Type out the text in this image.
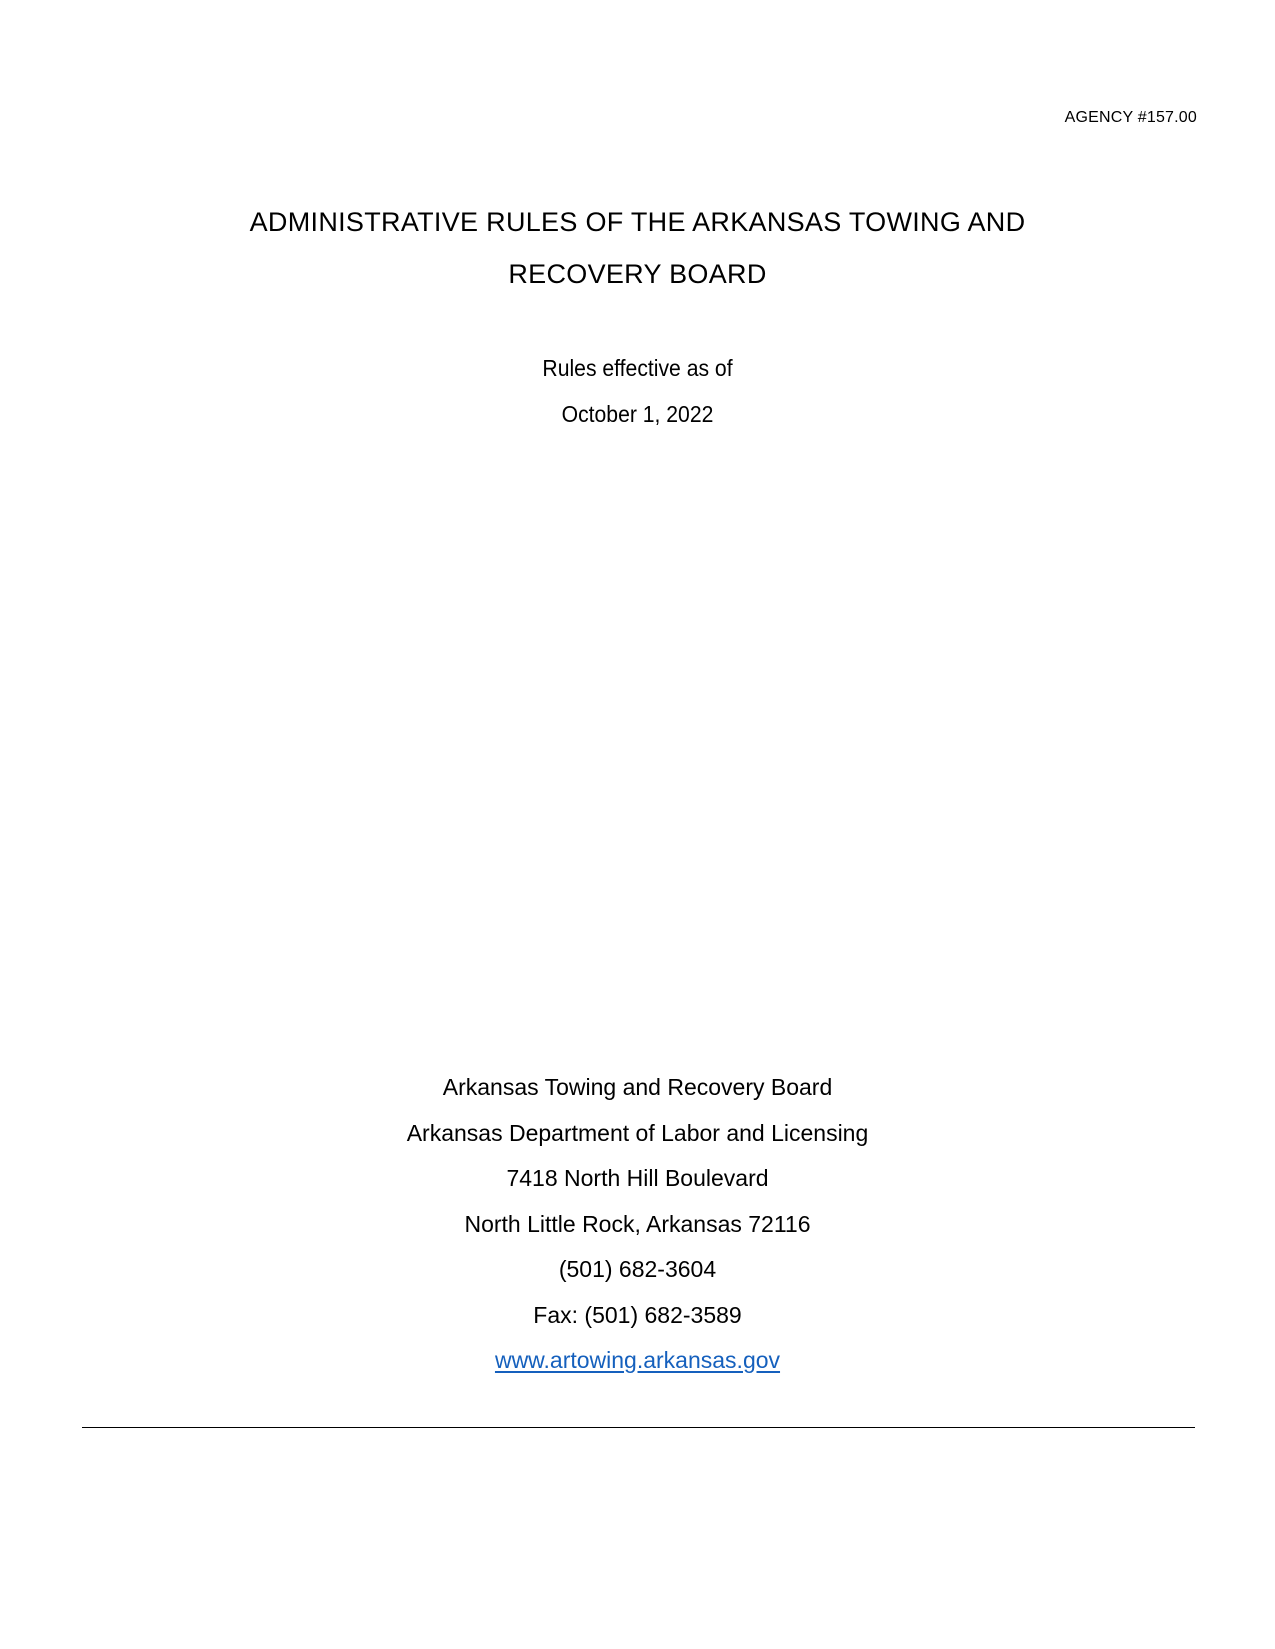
AGENCY #157.00
ADMINISTRATIVE RULES OF THE ARKANSAS TOWING AND
RECOVERY BOARD
Rules effective as of
October 1, 2022
Arkansas Towing and Recovery Board
Arkansas Department of Labor and Licensing
7418 North Hill Boulevard
North Little Rock, Arkansas 72116
(501) 682-3604
Fax: (501) 682-3589
www.artowing.arkansas.gov
